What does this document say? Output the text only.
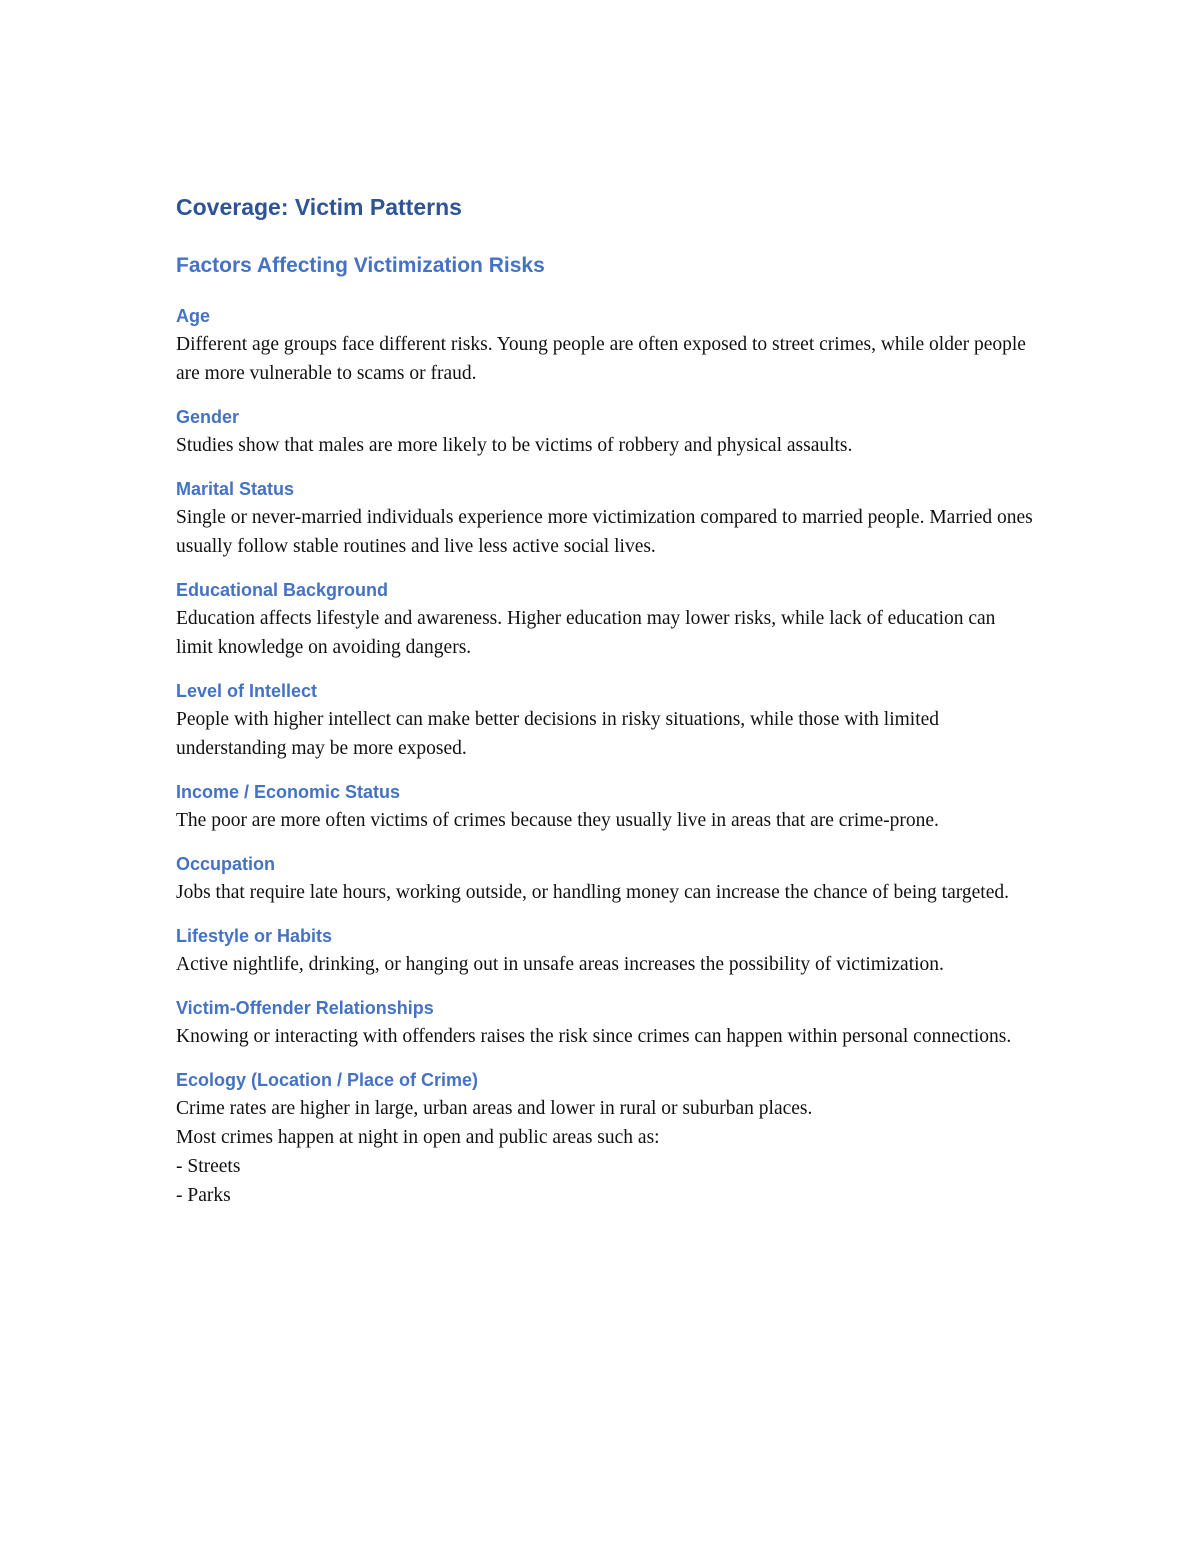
Coverage: Victim Patterns
Factors Affecting Victimization Risks
Age

Different age groups face different risks. Young people are often exposed to street crimes, while older people are more vulnerable to scams or fraud.

Gender

Studies show that males are more likely to be victims of robbery and physical assaults.

Marital Status

Single or never-married individuals experience more victimization compared to married people. Married ones usually follow stable routines and live less active social lives.

Educational Background

Education affects lifestyle and awareness. Higher education may lower risks, while lack of education can limit knowledge on avoiding dangers.

Level of Intellect

People with higher intellect can make better decisions in risky situations, while those with limited understanding may be more exposed.

Income / Economic Status

The poor are more often victims of crimes because they usually live in areas that are crime-prone.

Occupation

Jobs that require late hours, working outside, or handling money can increase the chance of being targeted.

Lifestyle or Habits

Active nightlife, drinking, or hanging out in unsafe areas increases the possibility of victimization.

Victim-Offender Relationships

Knowing or interacting with offenders raises the risk since crimes can happen within personal connections.

Ecology (Location / Place of Crime)

Crime rates are higher in large, urban areas and lower in rural or suburban places.

Most crimes happen at night in open and public areas such as:

- Streets
- Parks
